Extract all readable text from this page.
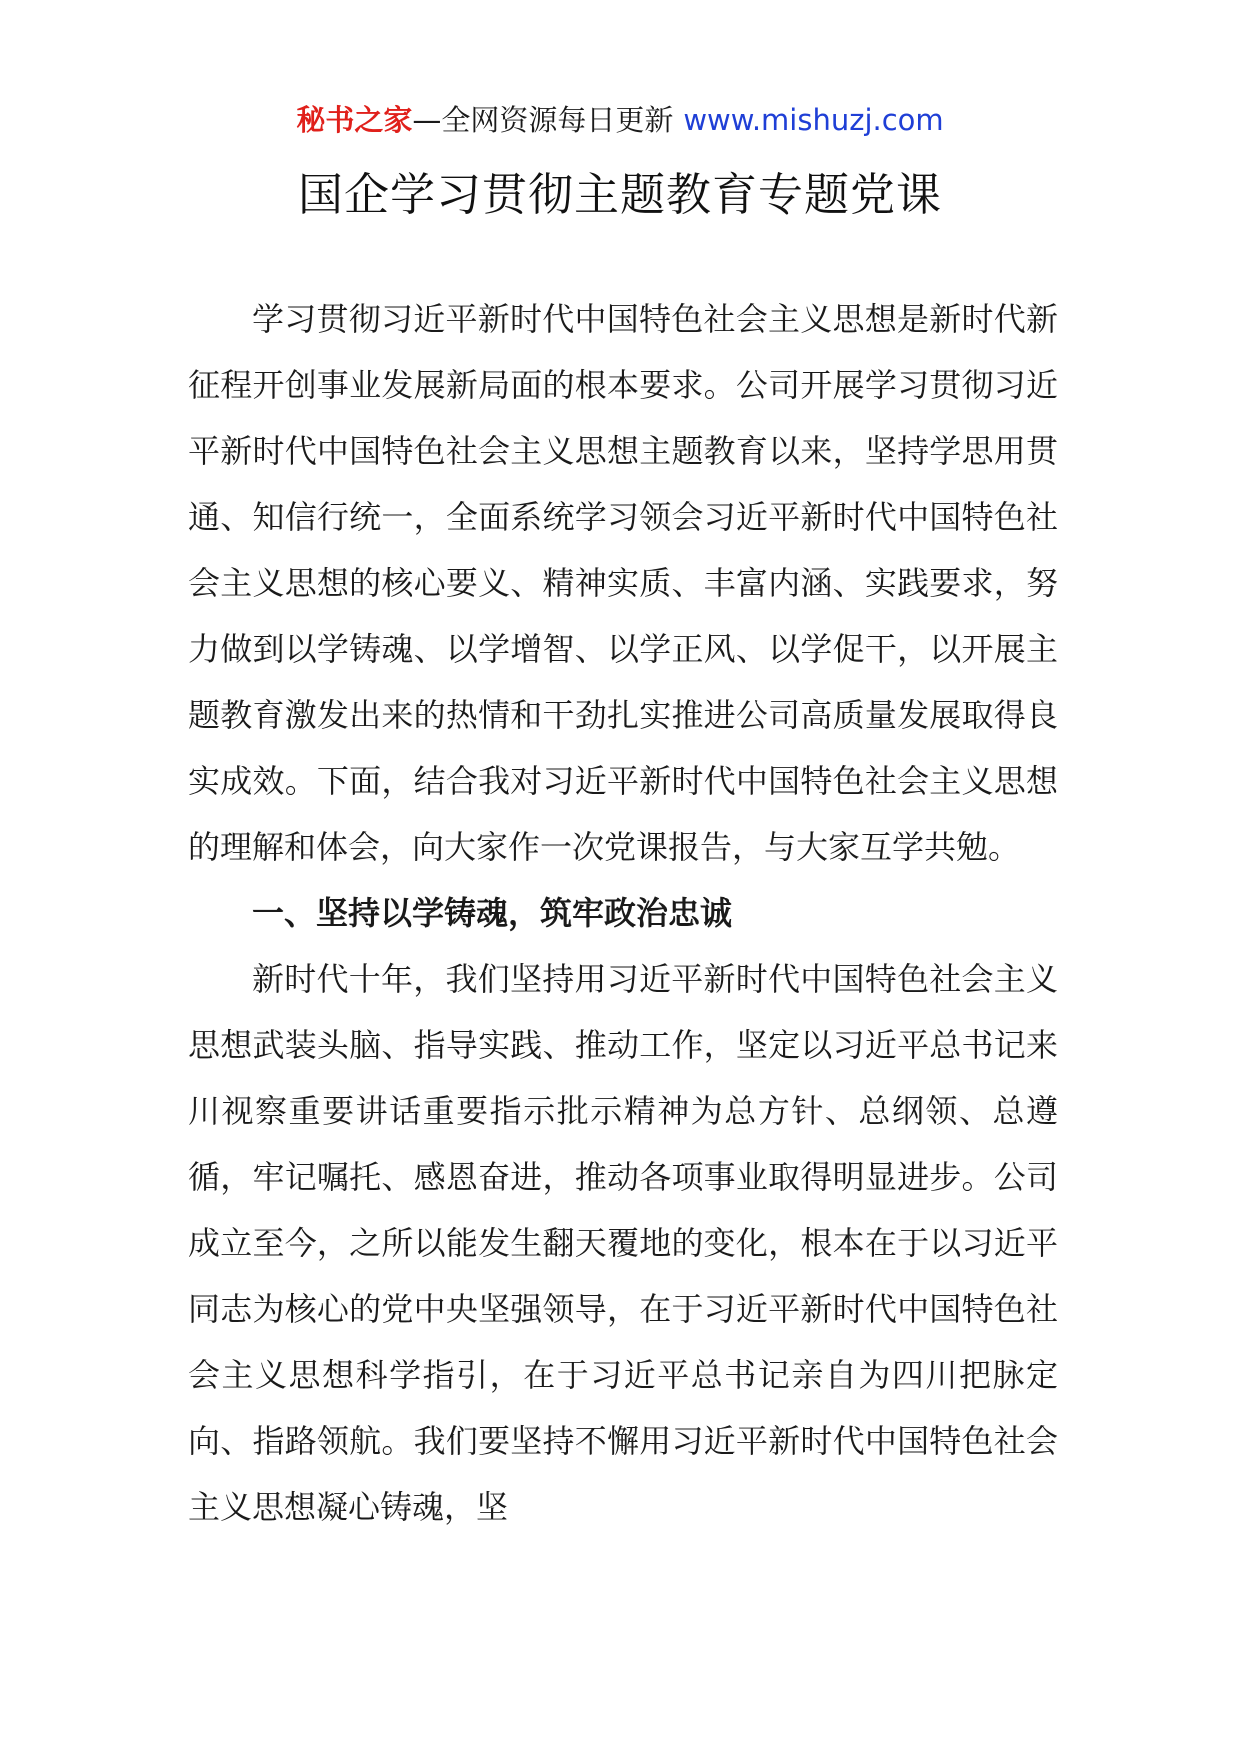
秘书之家—全网资源每日更新 www.mishuzj.com
国企学习贯彻主题教育专题党课

学习贯彻习近平新时代中国特色社会主义思想是新时代新征程开创事业发展新局面的根本要求。公司开展学习贯彻习近平新时代中国特色社会主义思想主题教育以来，坚持学思用贯通、知信行统一，全面系统学习领会习近平新时代中国特色社会主义思想的核心要义、精神实质、丰富内涵、实践要求，努力做到以学铸魂、以学增智、以学正风、以学促干，以开展主题教育激发出来的热情和干劲扎实推进公司高质量发展取得良实成效。下面，结合我对习近平新时代中国特色社会主义思想的理解和体会，向大家作一次党课报告，与大家互学共勉。

一、坚持以学铸魂，筑牢政治忠诚

新时代十年，我们坚持用习近平新时代中国特色社会主义思想武装头脑、指导实践、推动工作，坚定以习近平总书记来川视察重要讲话重要指示批示精神为总方针、总纲领、总遵循，牢记嘱托、感恩奋进，推动各项事业取得明显进步。公司成立至今，之所以能发生翻天覆地的变化，根本在于以习近平同志为核心的党中央坚强领导，在于习近平新时代中国特色社会主义思想科学指引，在于习近平总书记亲自为四川把脉定向、指路领航。我们要坚持不懈用习近平新时代中国特色社会主义思想凝心铸魂，坚
